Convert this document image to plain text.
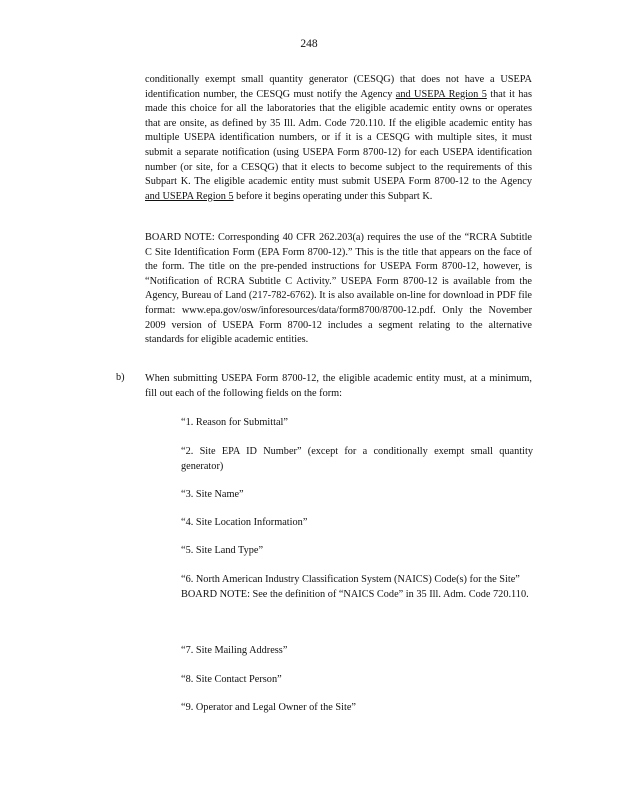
248

conditionally exempt small quantity generator (CESQG) that does not have a USEPA identification number, the CESQG must notify the Agency and USEPA Region 5 that it has made this choice for all the laboratories that the eligible academic entity owns or operates that are onsite, as defined by 35 Ill. Adm. Code 720.110. If the eligible academic entity has multiple USEPA identification numbers, or if it is a CESQG with multiple sites, it must submit a separate notification (using USEPA Form 8700-12) for each USEPA identification number (or site, for a CESQG) that it elects to become subject to the requirements of this Subpart K. The eligible academic entity must submit USEPA Form 8700-12 to the Agency and USEPA Region 5 before it begins operating under this Subpart K.

BOARD NOTE: Corresponding 40 CFR 262.203(a) requires the use of the “RCRA Subtitle C Site Identification Form (EPA Form 8700-12).” This is the title that appears on the face of the form. The title on the pre-pended instructions for USEPA Form 8700-12, however, is “Notification of RCRA Subtitle C Activity.” USEPA Form 8700-12 is available from the Agency, Bureau of Land (217-782-6762). It is also available on-line for download in PDF file format: www.epa.gov/osw/inforesources/data/form8700/8700-12.pdf. Only the November 2009 version of USEPA Form 8700-12 includes a segment relating to the alternative standards for eligible academic entities.

b) When submitting USEPA Form 8700-12, the eligible academic entity must, at a minimum, fill out each of the following fields on the form:

“1. Reason for Submittal”
“2. Site EPA ID Number” (except for a conditionally exempt small quantity generator)
“3. Site Name”
“4. Site Location Information”
“5. Site Land Type”
“6. North American Industry Classification System (NAICS) Code(s) for the Site”
BOARD NOTE: See the definition of “NAICS Code” in 35 Ill. Adm. Code 720.110.
“7. Site Mailing Address”
“8. Site Contact Person”
“9. Operator and Legal Owner of the Site”
